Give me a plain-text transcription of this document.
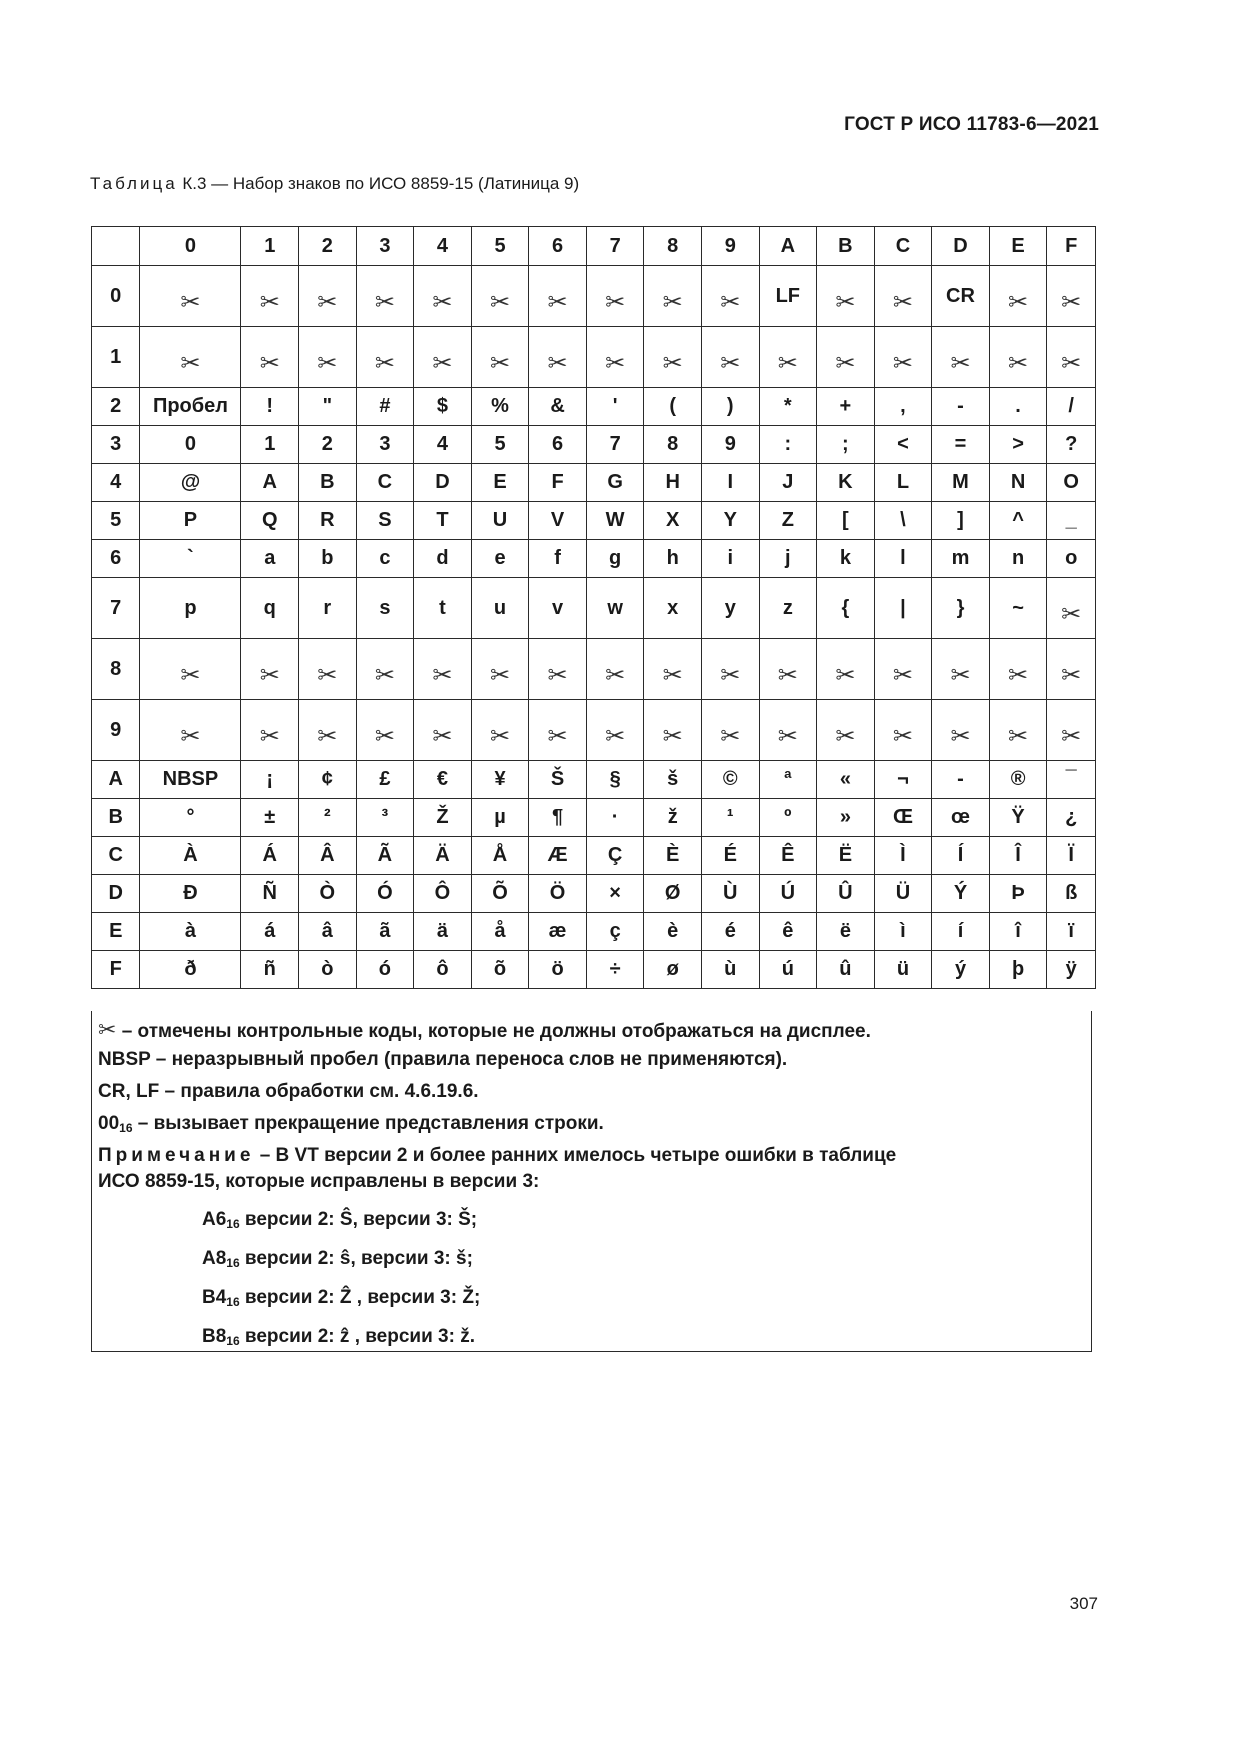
ГОСТ Р ИСО 11783-6—2021
Таблица К.3 — Набор знаков по ИСО 8859-15 (Латиница 9)
	0	1	2	3	4	5	6	7	8	9	A	B	C	D	E	F
0	✂	✂	✂	✂	✂	✂	✂	✂	✂	✂	LF	✂	✂	CR	✂	✂
1	✂	✂	✂	✂	✂	✂	✂	✂	✂	✂	✂	✂	✂	✂	✂	✂
2	Пробел	!	"	#	$	%	&	'	(	)	*	+	,	-	.	/
3	0	1	2	3	4	5	6	7	8	9	:	;	<	=	>	?
4	@	A	B	C	D	E	F	G	H	I	J	K	L	M	N	O
5	P	Q	R	S	T	U	V	W	X	Y	Z	[	\	]	^	_
6	`	a	b	c	d	e	f	g	h	i	j	k	l	m	n	o
7	p	q	r	s	t	u	v	w	x	y	z	{	|	}	~	✂
8	✂	✂	✂	✂	✂	✂	✂	✂	✂	✂	✂	✂	✂	✂	✂	✂
9	✂	✂	✂	✂	✂	✂	✂	✂	✂	✂	✂	✂	✂	✂	✂	✂
A	NBSP	¡	¢	£	€	¥	Š	§	š	©	ª	«	¬	-	®	¯
B	°	±	²	³	Ž	µ	¶	·	ž	¹	º	»	Œ	œ	Ÿ	¿
C	À	Á	Â	Ã	Ä	Å	Æ	Ç	È	É	Ê	Ë	Ì	Í	Î	Ï
D	Ð	Ñ	Ò	Ó	Ô	Õ	Ö	×	Ø	Ù	Ú	Û	Ü	Ý	Þ	ß
E	à	á	â	ã	ä	å	æ	ç	è	é	ê	ë	ì	í	î	ï
F	ð	ñ	ò	ó	ô	õ	ö	÷	ø	ù	ú	û	ü	ý	þ	ÿ
✂ – отмечены контрольные коды, которые не должны отображаться на дисплее.
NBSP – неразрывный пробел (правила переноса слов не применяются).
CR, LF – правила обработки см. 4.6.19.6.
$00_{16}$ – вызывает прекращение представления строки.
Примечание – В VT версии 2 и более ранних имелось четыре ошибки в таблице
ИСО 8859-15, которые исправлены в версии 3:
$A6_{16}$ версии 2: Ŝ, версии 3: Š;
$A8_{16}$ версии 2: ŝ, версии 3: š;
$B4_{16}$ версии 2: Ẑ , версии 3: Ž;
$B8_{16}$ версии 2: ẑ , версии 3: ž.
307
